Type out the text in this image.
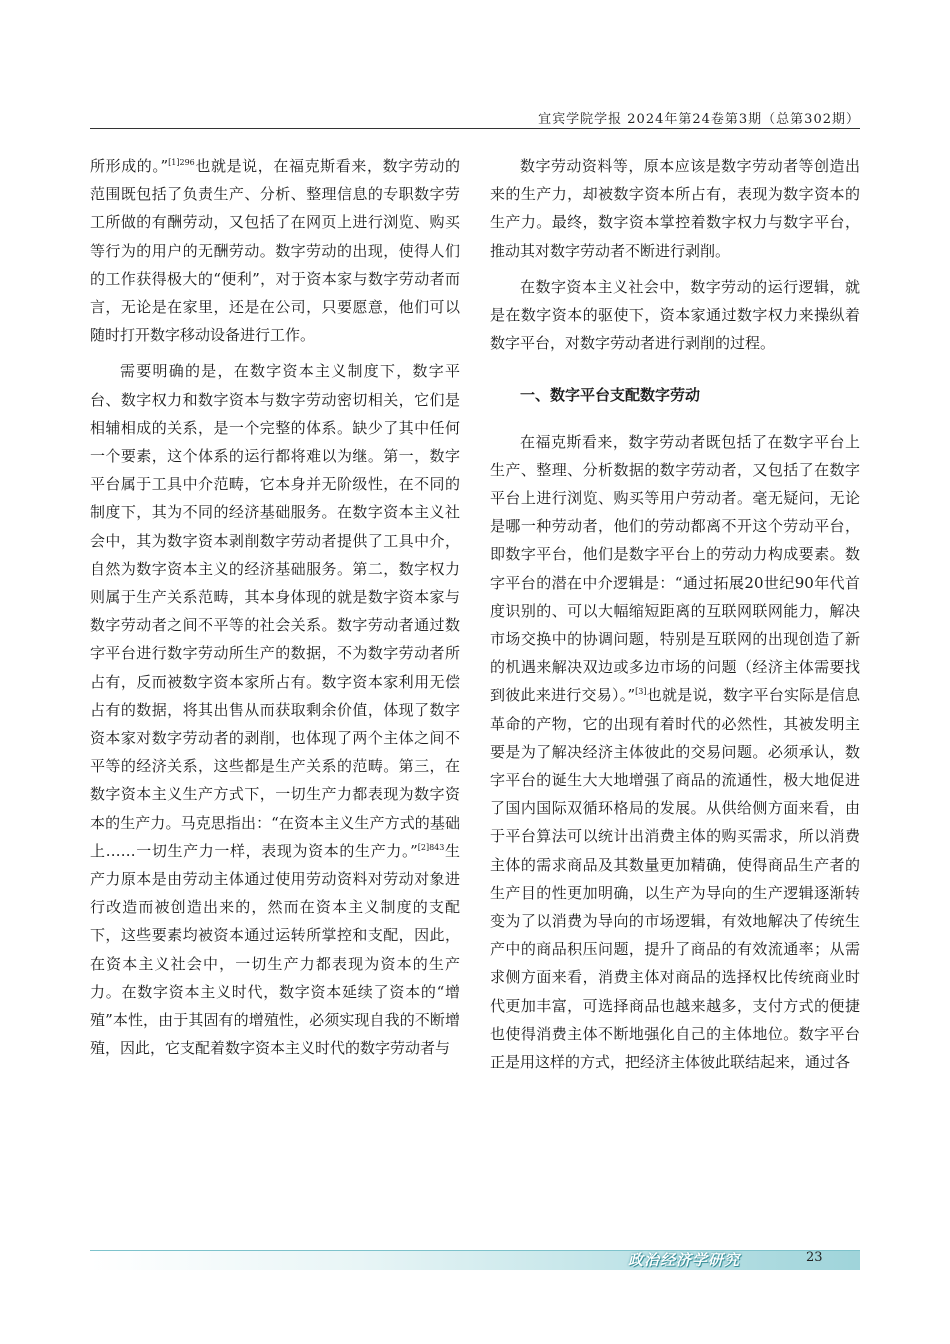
宜宾学院学报 2024年第24卷第3期（总第302期）

所形成的。”$^{[1]296}$也就是说，在福克斯看来，数字劳动的范围既包括了负责生产、分析、整理信息的专职数字劳工所做的有酬劳动，又包括了在网页上进行浏览、购买等行为的用户的无酬劳动。数字劳动的出现，使得人们的工作获得极大的“便利”，对于资本家与数字劳动者而言，无论是在家里，还是在公司，只要愿意，他们可以随时打开数字移动设备进行工作。

需要明确的是，在数字资本主义制度下，数字平台、数字权力和数字资本与数字劳动密切相关，它们是相辅相成的关系，是一个完整的体系。缺少了其中任何一个要素，这个体系的运行都将难以为继。第一，数字平台属于工具中介范畴，它本身并无阶级性，在不同的制度下，其为不同的经济基础服务。在数字资本主义社会中，其为数字资本剥削数字劳动者提供了工具中介，自然为数字资本主义的经济基础服务。第二，数字权力则属于生产关系范畴，其本身体现的就是数字资本家与数字劳动者之间不平等的社会关系。数字劳动者通过数字平台进行数字劳动所生产的数据，不为数字劳动者所占有，反而被数字资本家所占有。数字资本家利用无偿占有的数据，将其出售从而获取剩余价值，体现了数字资本家对数字劳动者的剥削，也体现了两个主体之间不平等的经济关系，这些都是生产关系的范畴。第三，在数字资本主义生产方式下，一切生产力都表现为数字资本的生产力。马克思指出：“在资本主义生产方式的基础上……一切生产力一样，表现为资本的生产力。”$^{[2]843}$生产力原本是由劳动主体通过使用劳动资料对劳动对象进行改造而被创造出来的，然而在资本主义制度的支配下，这些要素均被资本通过运转所掌控和支配，因此，在资本主义社会中，一切生产力都表现为资本的生产力。在数字资本主义时代，数字资本延续了资本的“增殖”本性，由于其固有的增殖性，必须实现自我的不断增殖，因此，它支配着数字资本主义时代的数字劳动者与

数字劳动资料等，原本应该是数字劳动者等创造出来的生产力，却被数字资本所占有，表现为数字资本的生产力。最终，数字资本掌控着数字权力与数字平台，推动其对数字劳动者不断进行剥削。

在数字资本主义社会中，数字劳动的运行逻辑，就是在数字资本的驱使下，资本家通过数字权力来操纵着数字平台，对数字劳动者进行剥削的过程。

一、数字平台支配数字劳动

在福克斯看来，数字劳动者既包括了在数字平台上生产、整理、分析数据的数字劳动者，又包括了在数字平台上进行浏览、购买等用户劳动者。毫无疑问，无论是哪一种劳动者，他们的劳动都离不开这个劳动平台，即数字平台，他们是数字平台上的劳动力构成要素。数字平台的潜在中介逻辑是：“通过拓展20世纪90年代首度识别的、可以大幅缩短距离的互联网联网能力，解决市场交换中的协调问题，特别是互联网的出现创造了新的机遇来解决双边或多边市场的问题（经济主体需要找到彼此来进行交易）。”[3]也就是说，数字平台实际是信息革命的产物，它的出现有着时代的必然性，其被发明主要是为了解决经济主体彼此的交易问题。必须承认，数字平台的诞生大大地增强了商品的流通性，极大地促进了国内国际双循环格局的发展。从供给侧方面来看，由于平台算法可以统计出消费主体的购买需求，所以消费主体的需求商品及其数量更加精确，使得商品生产者的生产目的性更加明确，以生产为导向的生产逻辑逐渐转变为了以消费为导向的市场逻辑，有效地解决了传统生产中的商品积压问题，提升了商品的有效流通率；从需求侧方面来看，消费主体对商品的选择权比传统商业时代更加丰富，可选择商品也越来越多，支付方式的便捷也使得消费主体不断地强化自己的主体地位。数字平台正是用这样的方式，把经济主体彼此联结起来，通过各

政治经济学研究	23
